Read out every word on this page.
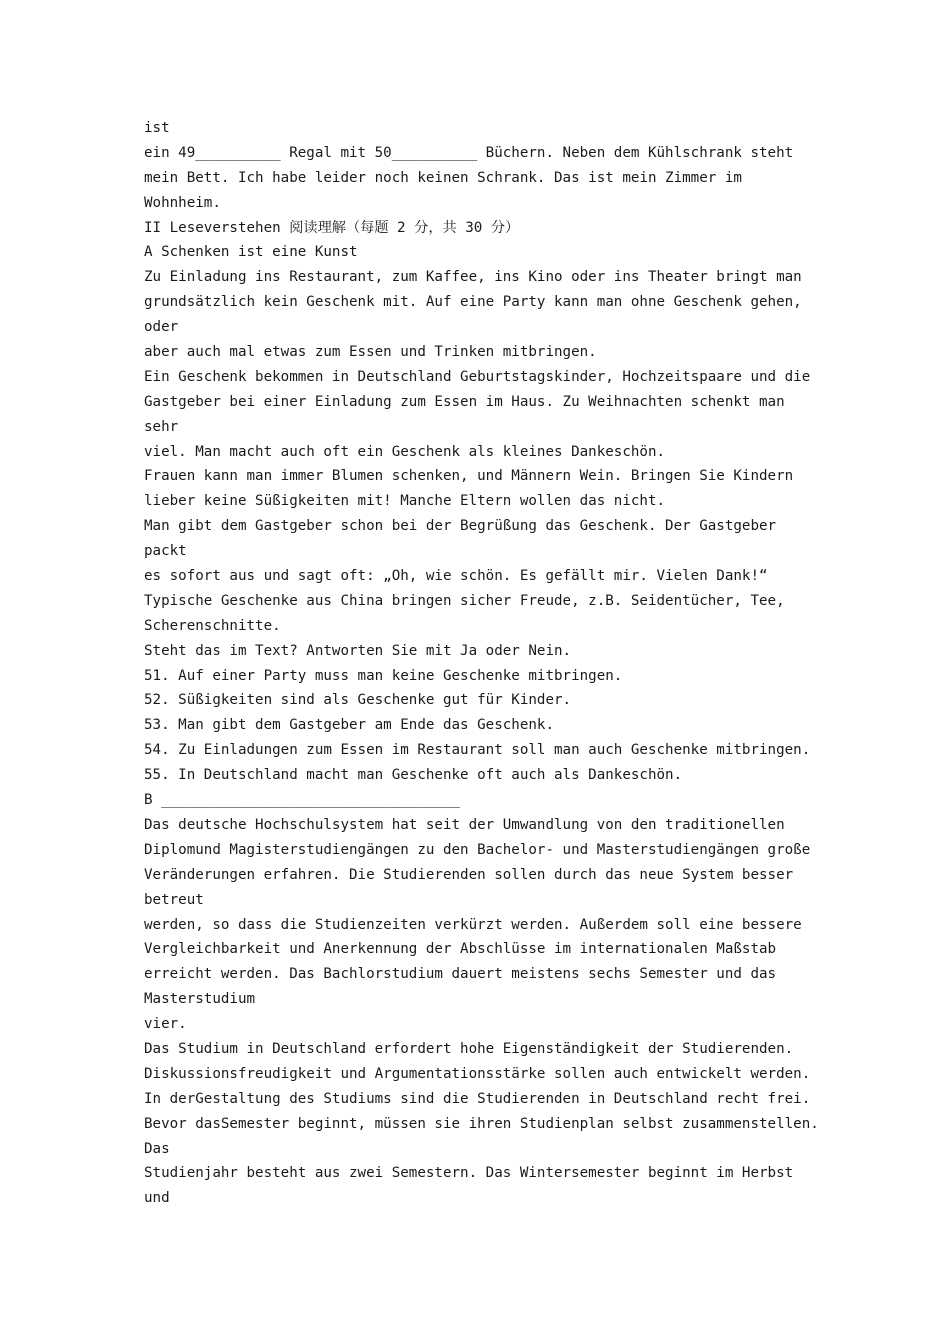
ist
ein 49__________ Regal mit 50__________ Büchern. Neben dem Kühlschrank steht
mein Bett. Ich habe leider noch keinen Schrank. Das ist mein Zimmer im
Wohnheim.
II Leseverstehen 阅读理解（每题 2 分，共 30 分）
A Schenken ist eine Kunst
Zu Einladung ins Restaurant, zum Kaffee, ins Kino oder ins Theater bringt man
grundsätzlich kein Geschenk mit. Auf eine Party kann man ohne Geschenk gehen,
oder
aber auch mal etwas zum Essen und Trinken mitbringen.
Ein Geschenk bekommen in Deutschland Geburtstagskinder, Hochzeitspaare und die
Gastgeber bei einer Einladung zum Essen im Haus. Zu Weihnachten schenkt man
sehr
viel. Man macht auch oft ein Geschenk als kleines Dankeschön.
Frauen kann man immer Blumen schenken, und Männern Wein. Bringen Sie Kindern
lieber keine Süßigkeiten mit! Manche Eltern wollen das nicht.
Man gibt dem Gastgeber schon bei der Begrüßung das Geschenk. Der Gastgeber
packt
es sofort aus und sagt oft: „Oh, wie schön. Es gefällt mir. Vielen Dank!“
Typische Geschenke aus China bringen sicher Freude, z.B. Seidentücher, Tee,
Scherenschnitte.
Steht das im Text? Antworten Sie mit Ja oder Nein.
51. Auf einer Party muss man keine Geschenke mitbringen.
52. Süßigkeiten sind als Geschenke gut für Kinder.
53. Man gibt dem Gastgeber am Ende das Geschenk.
54. Zu Einladungen zum Essen im Restaurant soll man auch Geschenke mitbringen.
55. In Deutschland macht man Geschenke oft auch als Dankeschön.
B ___________________________________
Das deutsche Hochschulsystem hat seit der Umwandlung von den traditionellen
Diplomund Magisterstudiengängen zu den Bachelor- und Masterstudiengängen große
Veränderungen erfahren. Die Studierenden sollen durch das neue System besser
betreut
werden, so dass die Studienzeiten verkürzt werden. Außerdem soll eine bessere
Vergleichbarkeit und Anerkennung der Abschlüsse im internationalen Maßstab
erreicht werden. Das Bachlorstudium dauert meistens sechs Semester und das
Masterstudium
vier.
Das Studium in Deutschland erfordert hohe Eigenständigkeit der Studierenden.
Diskussionsfreudigkeit und Argumentationsstärke sollen auch entwickelt werden.
In derGestaltung des Studiums sind die Studierenden in Deutschland recht frei.
Bevor dasSemester beginnt, müssen sie ihren Studienplan selbst zusammenstellen.
Das
Studienjahr besteht aus zwei Semestern. Das Wintersemester beginnt im Herbst
und
